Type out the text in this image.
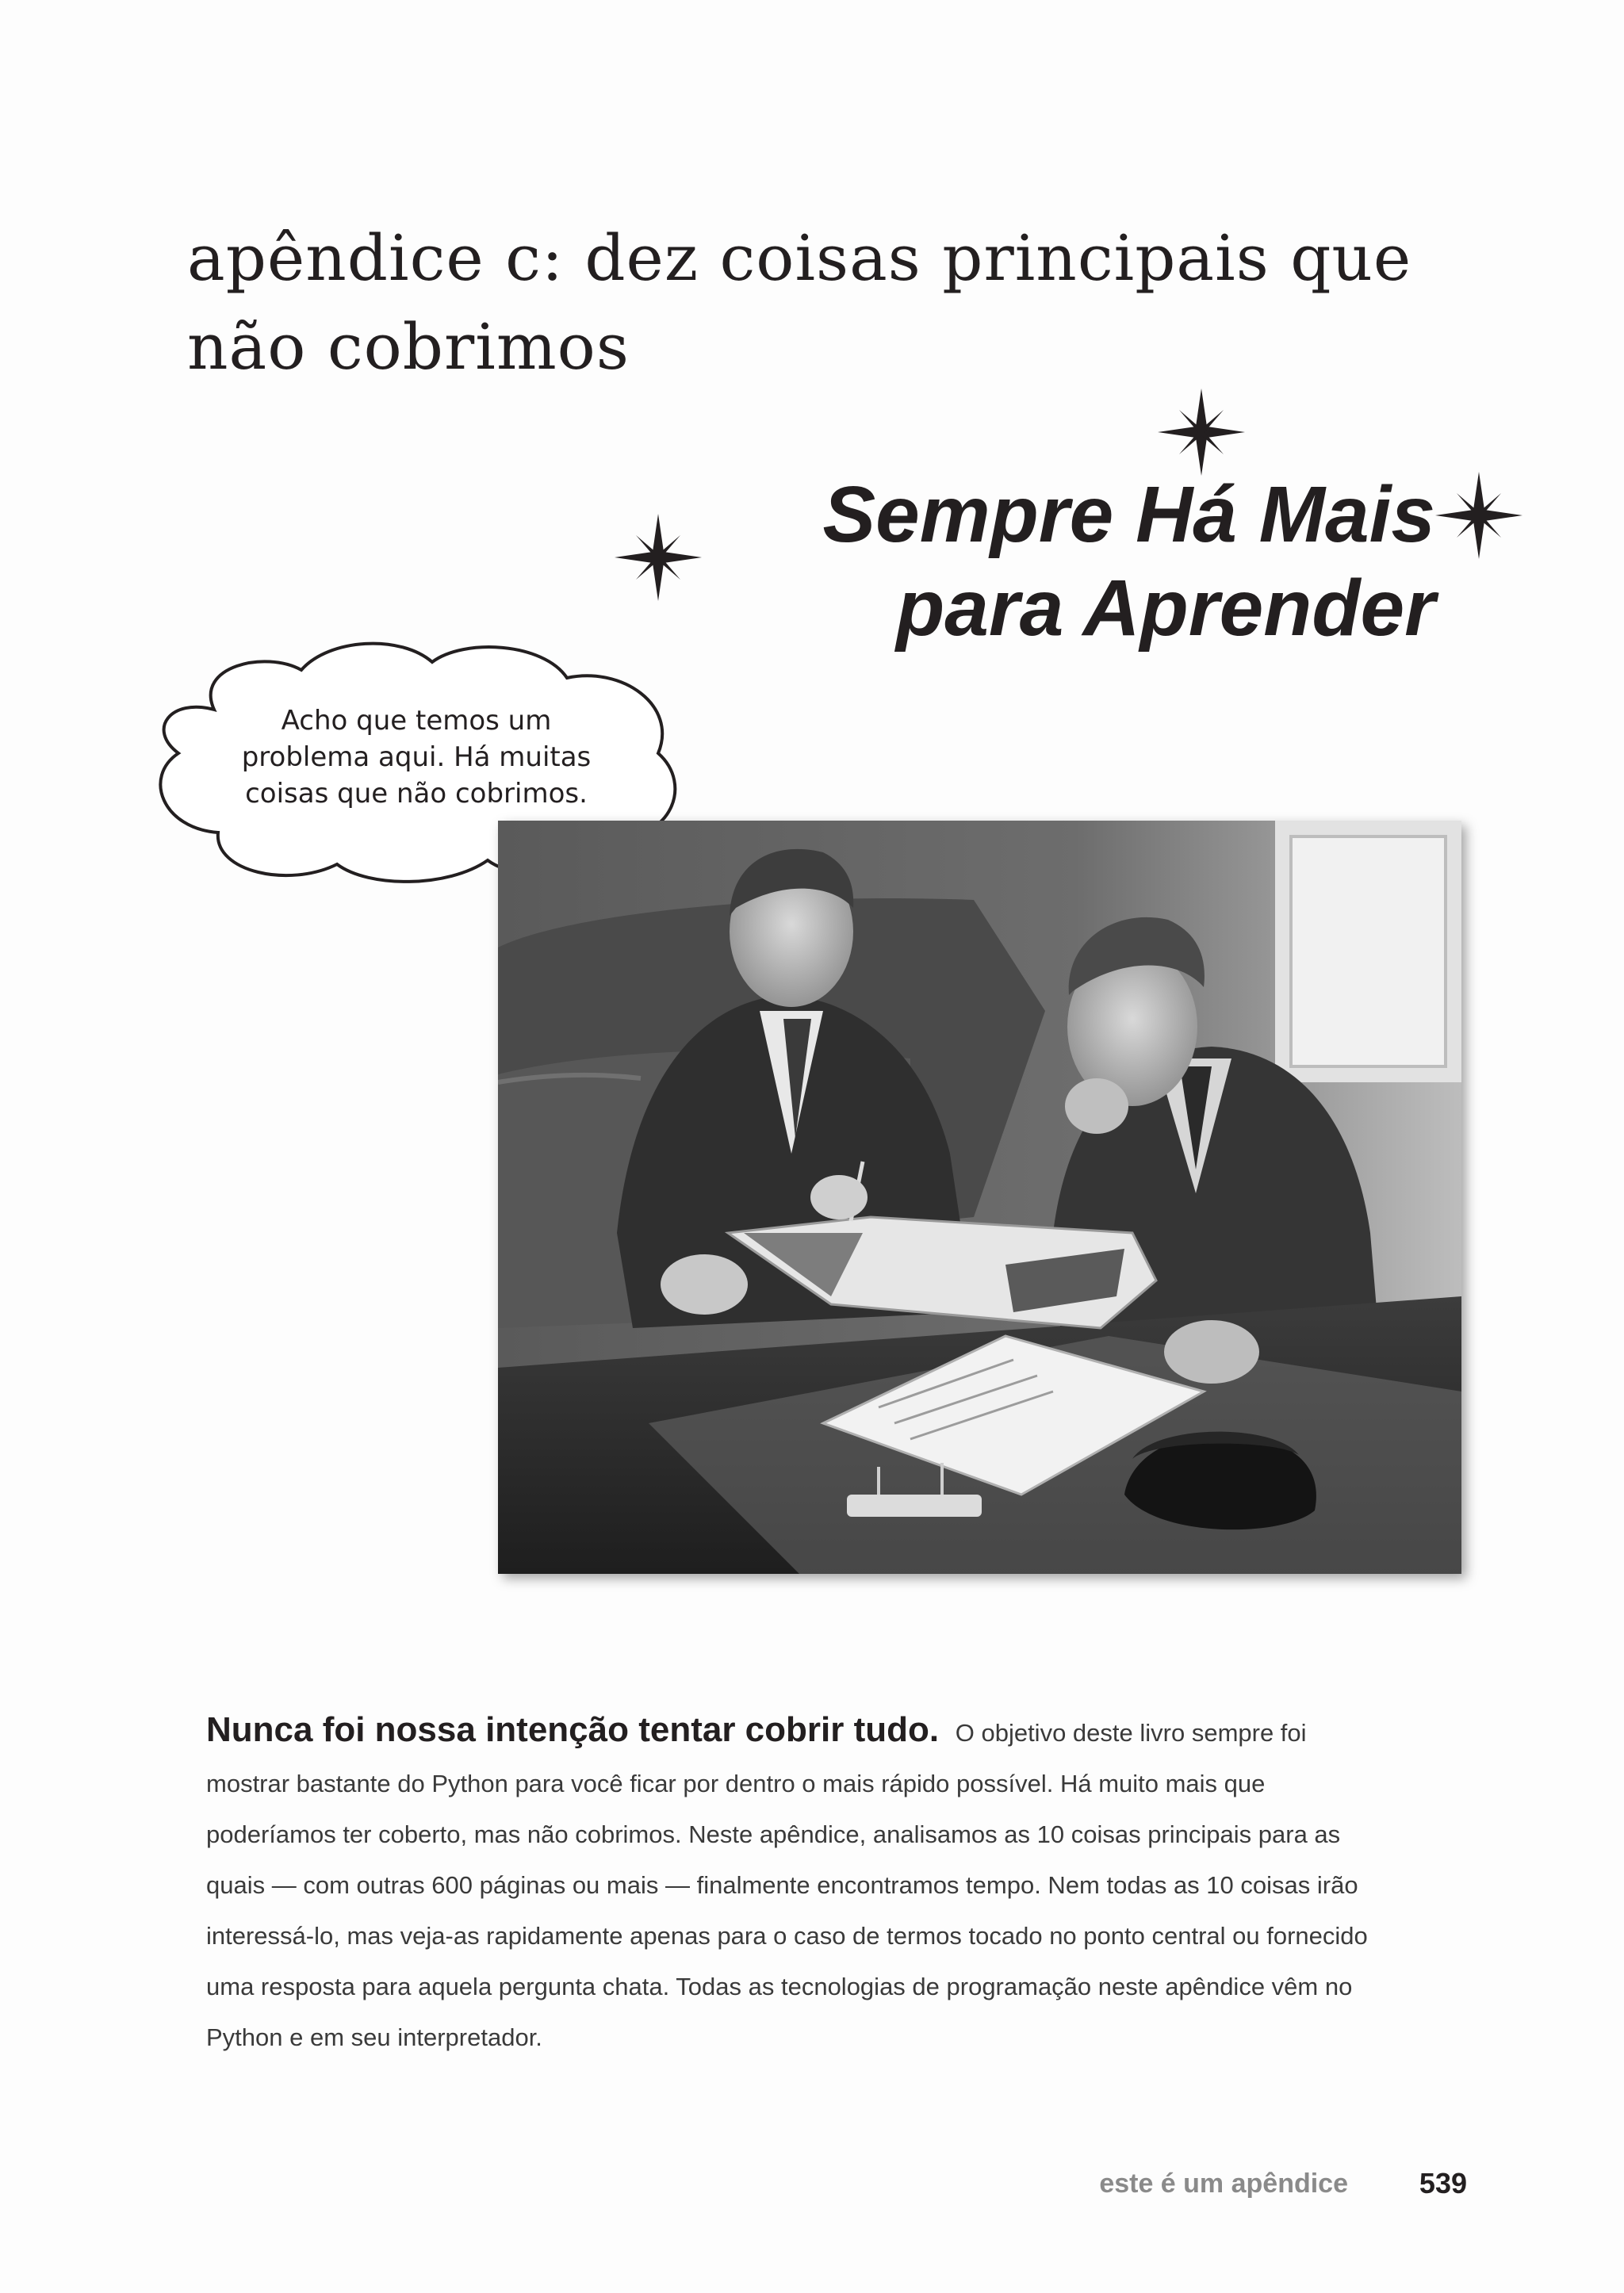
apêndice c: dez coisas principais que não cobrimos
Sempre Há Mais
para Aprender

Acho que temos um problema aqui. Há muitas coisas que não cobrimos.

Nunca foi nossa intenção tentar cobrir tudo. O objetivo deste livro sempre foi mostrar bastante do Python para você ficar por dentro o mais rápido possível. Há muito mais que poderíamos ter coberto, mas não cobrimos. Neste apêndice, analisamos as 10 coisas principais para as quais — com outras 600 páginas ou mais — finalmente encontramos tempo. Nem todas as 10 coisas irão interessá-lo, mas veja-as rapidamente apenas para o caso de termos tocado no ponto central ou fornecido uma resposta para aquela pergunta chata. Todas as tecnologias de programação neste apêndice vêm no Python e em seu interpretador.

este é um apêndice	539
